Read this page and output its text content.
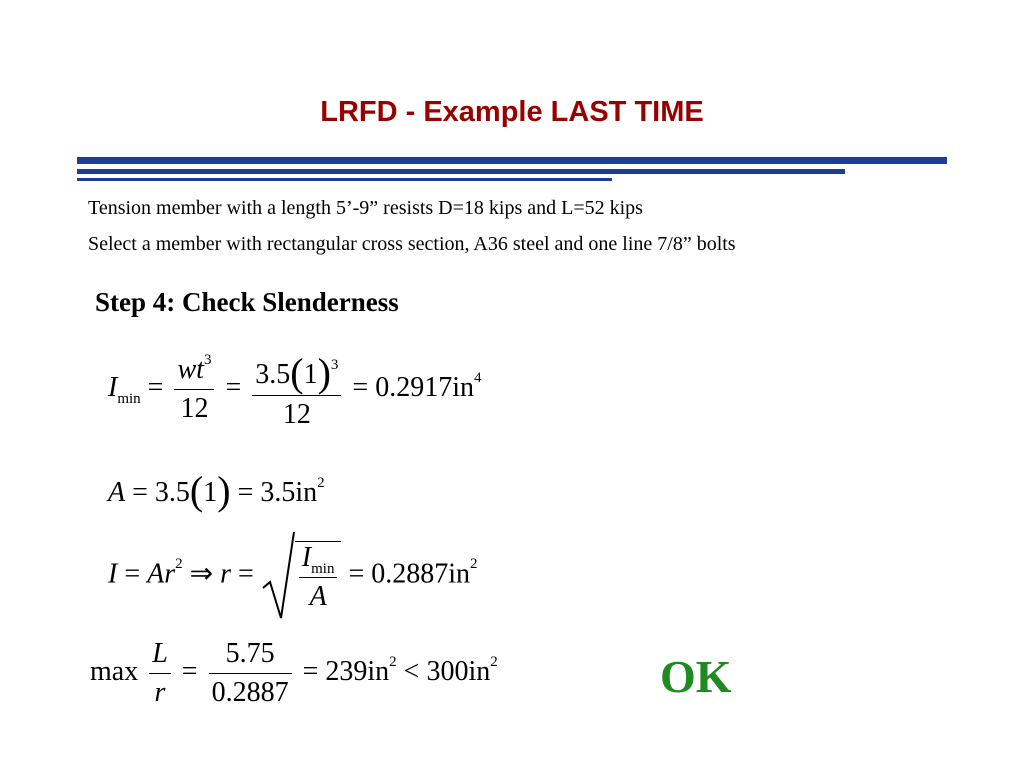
LRFD - Example LAST TIME
Tension member with a length 5’-9” resists D=18 kips and L=52 kips
Select a member with rectangular cross section, A36 steel and one line 7/8” bolts
Step 4: Check Slenderness
$I_{min} = \frac{wt^3}{12} = \frac{3.5(1)^3}{12} = 0.2917in^4$
$A = 3.5(1) = 3.5in^2$
$I = Ar^2$ ⇒ $r = \frac{I_{min}}{A} = 0.2887in^2$
$\max \frac{L}{r} = \frac{5.75}{0.2887} = 239in^2 < 300in^2$	OK
